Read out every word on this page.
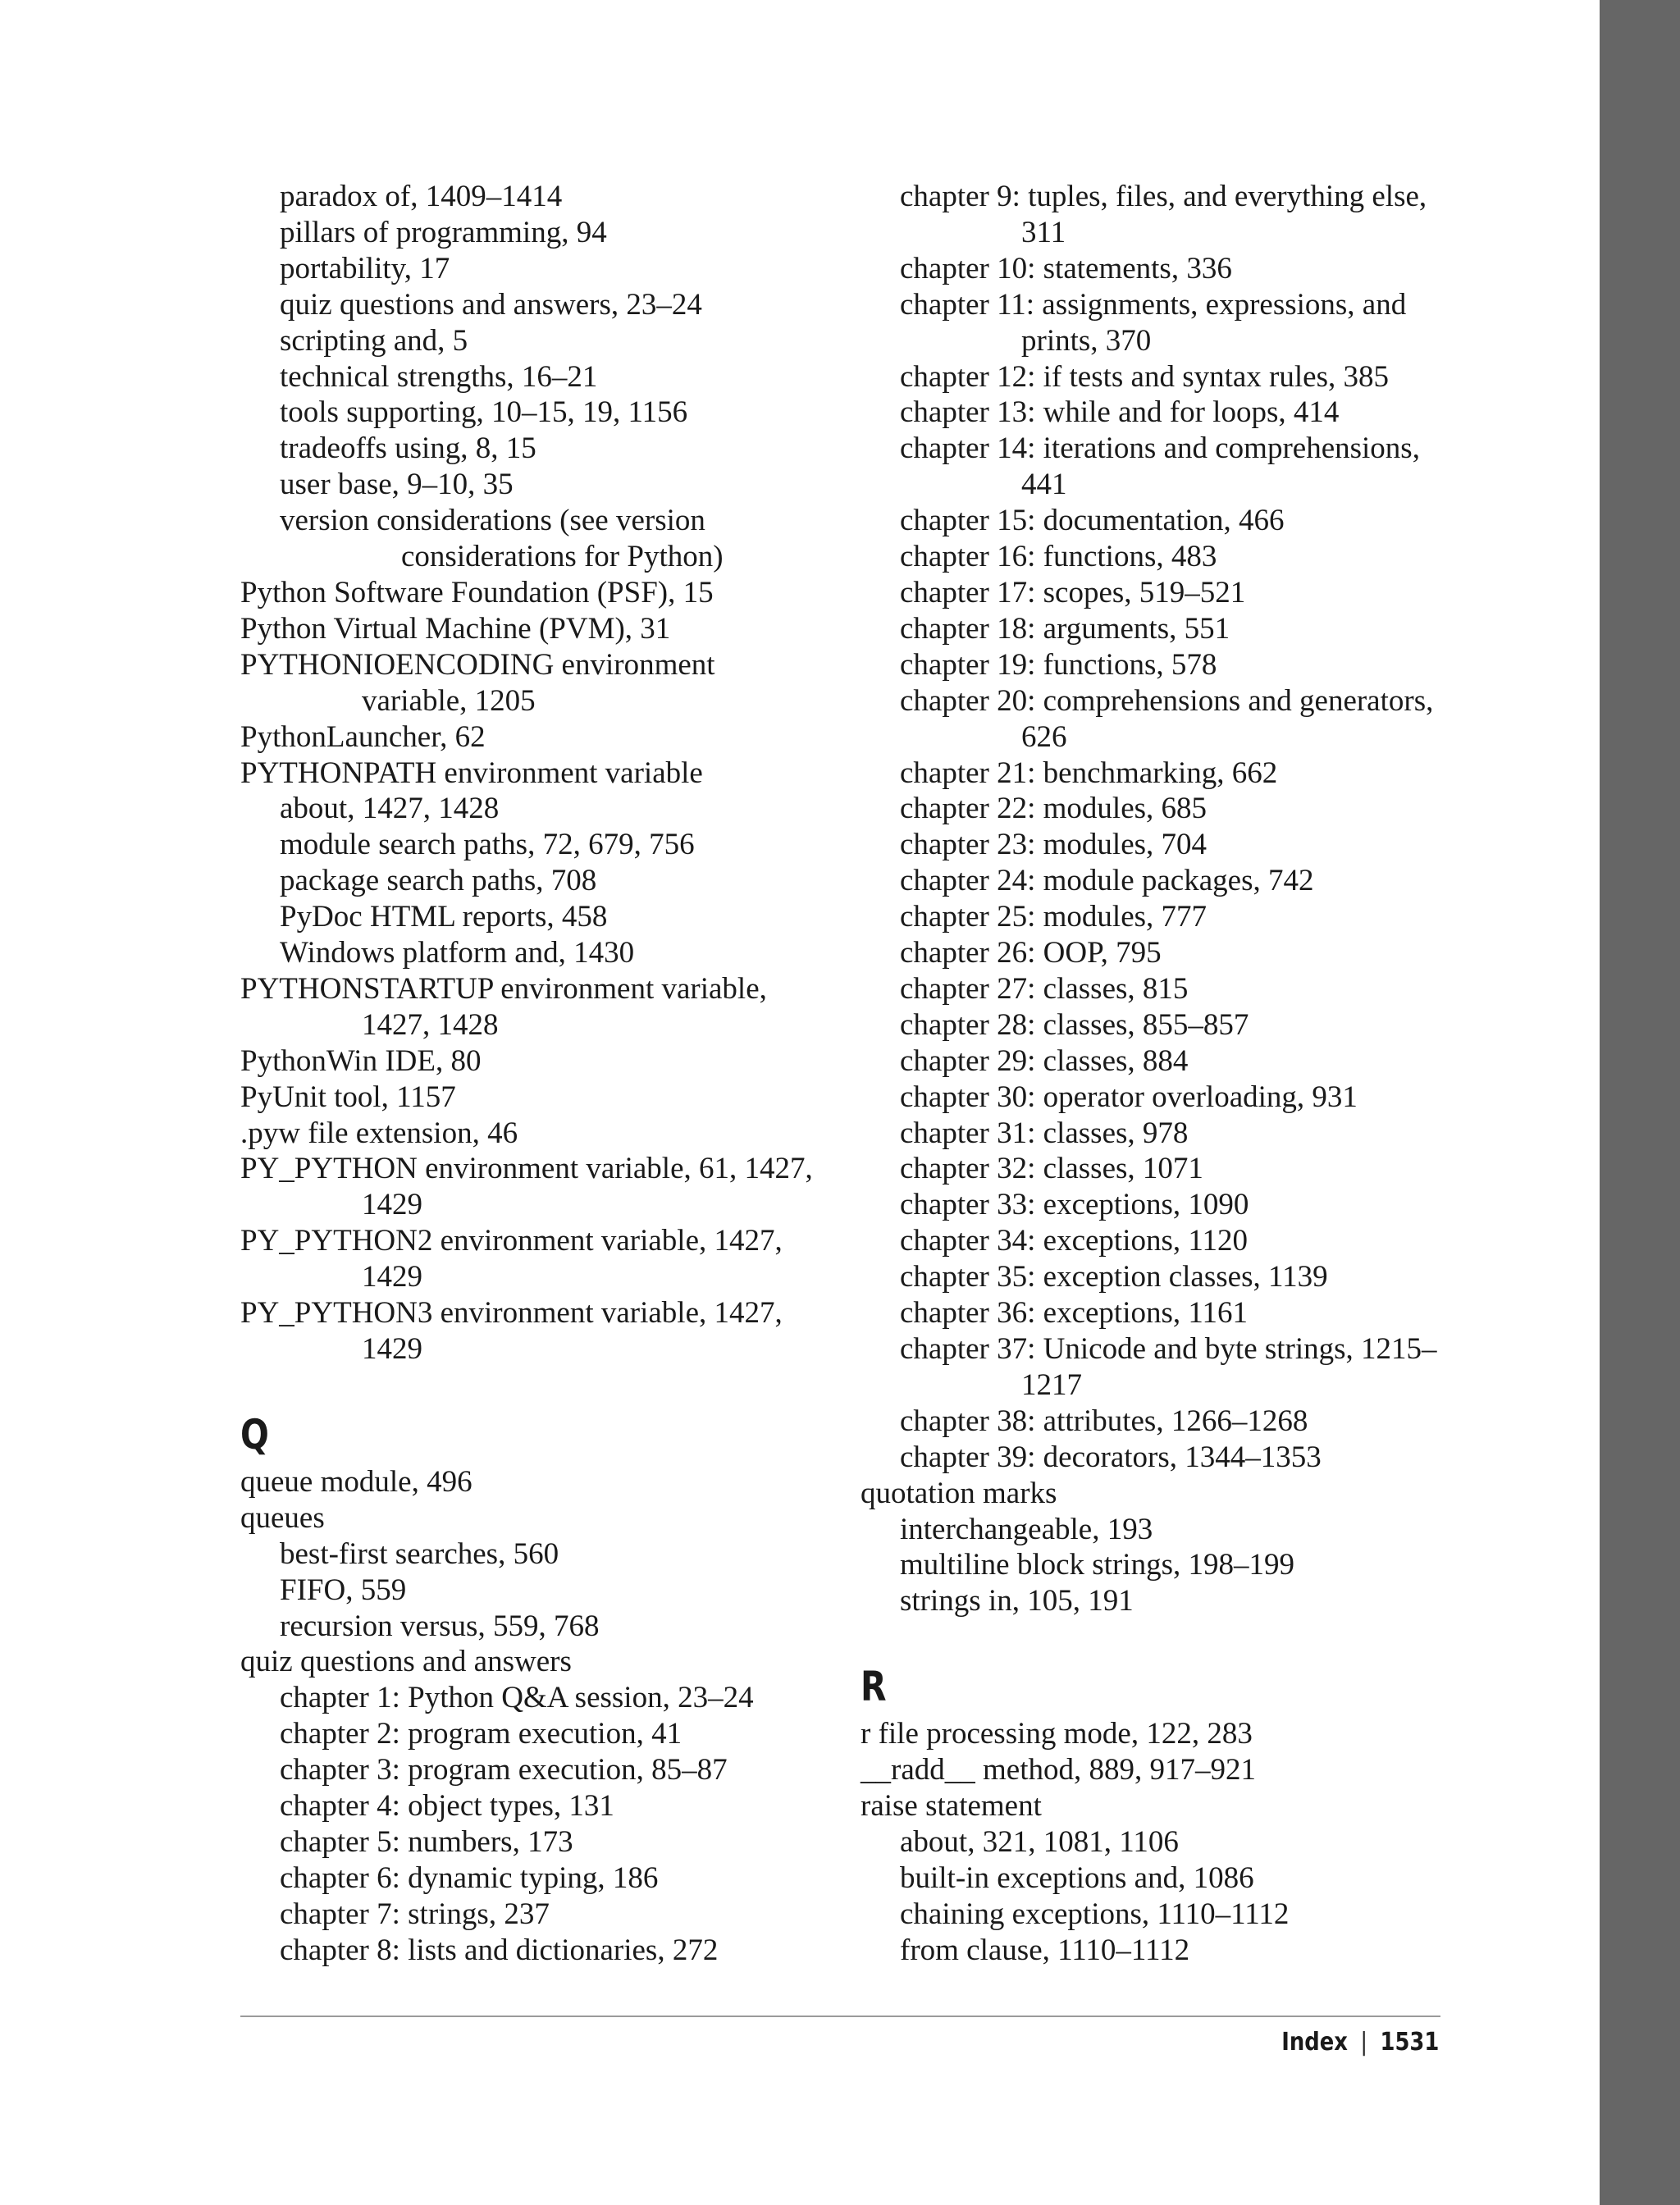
paradox of, 1409–1414
pillars of programming, 94
portability, 17
quiz questions and answers, 23–24
scripting and, 5
technical strengths, 16–21
tools supporting, 10–15, 19, 1156
tradeoffs using, 8, 15
user base, 9–10, 35
version considerations (see version
considerations for Python)
Python Software Foundation (PSF), 15
Python Virtual Machine (PVM), 31
PYTHONIOENCODING environment
variable, 1205
PythonLauncher, 62
PYTHONPATH environment variable
about, 1427, 1428
module search paths, 72, 679, 756
package search paths, 708
PyDoc HTML reports, 458
Windows platform and, 1430
PYTHONSTARTUP environment variable,
1427, 1428
PythonWin IDE, 80
PyUnit tool, 1157
.pyw file extension, 46
PY_PYTHON environment variable, 61, 1427,
1429
PY_PYTHON2 environment variable, 1427,
1429
PY_PYTHON3 environment variable, 1427,
1429
Q
queue module, 496
queues
best-first searches, 560
FIFO, 559
recursion versus, 559, 768
quiz questions and answers
chapter 1: Python Q&A session, 23–24
chapter 2: program execution, 41
chapter 3: program execution, 85–87
chapter 4: object types, 131
chapter 5: numbers, 173
chapter 6: dynamic typing, 186
chapter 7: strings, 237
chapter 8: lists and dictionaries, 272
chapter 9: tuples, files, and everything else,
311
chapter 10: statements, 336
chapter 11: assignments, expressions, and
prints, 370
chapter 12: if tests and syntax rules, 385
chapter 13: while and for loops, 414
chapter 14: iterations and comprehensions,
441
chapter 15: documentation, 466
chapter 16: functions, 483
chapter 17: scopes, 519–521
chapter 18: arguments, 551
chapter 19: functions, 578
chapter 20: comprehensions and generators,
626
chapter 21: benchmarking, 662
chapter 22: modules, 685
chapter 23: modules, 704
chapter 24: module packages, 742
chapter 25: modules, 777
chapter 26: OOP, 795
chapter 27: classes, 815
chapter 28: classes, 855–857
chapter 29: classes, 884
chapter 30: operator overloading, 931
chapter 31: classes, 978
chapter 32: classes, 1071
chapter 33: exceptions, 1090
chapter 34: exceptions, 1120
chapter 35: exception classes, 1139
chapter 36: exceptions, 1161
chapter 37: Unicode and byte strings, 1215–
1217
chapter 38: attributes, 1266–1268
chapter 39: decorators, 1344–1353
quotation marks
interchangeable, 193
multiline block strings, 198–199
strings in, 105, 191
R
r file processing mode, 122, 283
__radd__ method, 889, 917–921
raise statement
about, 321, 1081, 1106
built-in exceptions and, 1086
chaining exceptions, 1110–1112
from clause, 1110–1112
Index | 1531
